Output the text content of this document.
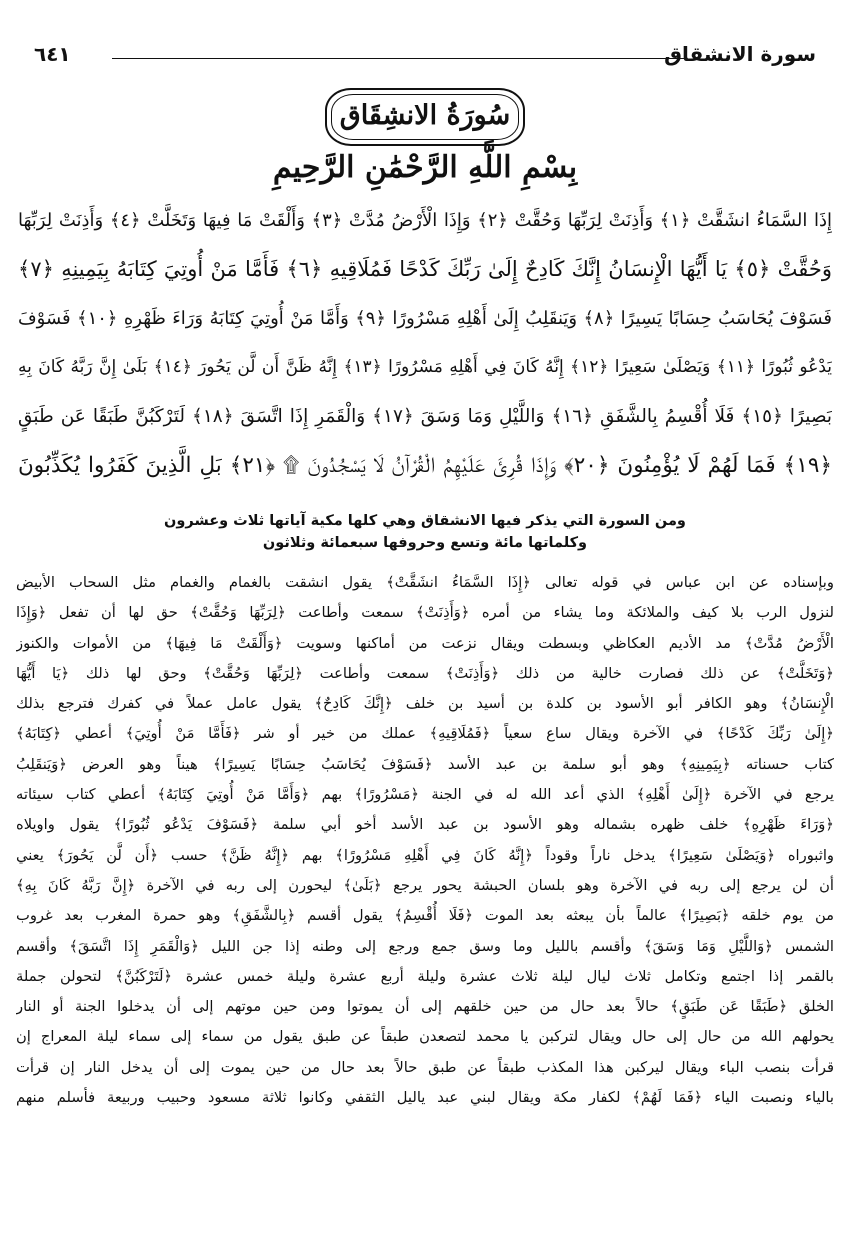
سورة الانشقاق
٦٤١
سُورَةُ الانشِقَاق
بِسْمِ اللَّهِ الرَّحْمَٰنِ الرَّحِيمِ
إِذَا السَّمَاءُ انشَقَّتْ ﴿١﴾ وَأَذِنَتْ لِرَبِّهَا وَحُقَّتْ ﴿٢﴾ وَإِذَا الْأَرْضُ مُدَّتْ ﴿٣﴾ وَأَلْقَتْ مَا فِيهَا وَتَخَلَّتْ ﴿٤﴾ وَأَذِنَتْ لِرَبِّهَا
وَحُقَّتْ ﴿٥﴾ يَا أَيُّهَا الْإِنسَانُ إِنَّكَ كَادِحٌ إِلَىٰ رَبِّكَ كَدْحًا فَمُلَاقِيهِ ﴿٦﴾ فَأَمَّا مَنْ أُوتِيَ كِتَابَهُ بِيَمِينِهِ ﴿٧﴾
فَسَوْفَ يُحَاسَبُ حِسَابًا يَسِيرًا ﴿٨﴾ وَيَنقَلِبُ إِلَىٰ أَهْلِهِ مَسْرُورًا ﴿٩﴾ وَأَمَّا مَنْ أُوتِيَ كِتَابَهُ وَرَاءَ ظَهْرِهِ ﴿١٠﴾ فَسَوْفَ
يَدْعُو ثُبُورًا ﴿١١﴾ وَيَصْلَىٰ سَعِيرًا ﴿١٢﴾ إِنَّهُ كَانَ فِي أَهْلِهِ مَسْرُورًا ﴿١٣﴾ إِنَّهُ ظَنَّ أَن لَّن يَحُورَ ﴿١٤﴾ بَلَىٰ إِنَّ رَبَّهُ كَانَ بِهِ
بَصِيرًا ﴿١٥﴾ فَلَا أُقْسِمُ بِالشَّفَقِ ﴿١٦﴾ وَاللَّيْلِ وَمَا وَسَقَ ﴿١٧﴾ وَالْقَمَرِ إِذَا اتَّسَقَ ﴿١٨﴾ لَتَرْكَبُنَّ طَبَقًا عَن طَبَقٍ
﴿١٩﴾ فَمَا لَهُمْ لَا يُؤْمِنُونَ ﴿٢٠﴾ وَإِذَا قُرِئَ عَلَيْهِمُ الْقُرْآنُ لَا يَسْجُدُونَ ۩ ﴿٢١﴾ بَلِ الَّذِينَ كَفَرُوا يُكَذِّبُونَ
ومن السورة التي يذكر فيها الانشقاق وهي كلها مكية آياتها ثلاث وعشرون
وكلماتها مائة وتسع وحروفها سبعمائة وثلاثون
وبإسناده عن ابن عباس في قوله تعالى ﴿إِذَا السَّمَاءُ انشَقَّتْ﴾ يقول انشقت بالغمام والغمام مثل السحاب الأبيض
لنزول الرب بلا كيف والملائكة وما يشاء من أمره ﴿وَأَذِنَتْ﴾ سمعت وأطاعت ﴿لِرَبِّهَا وَحُقَّتْ﴾ حق لها أن تفعل ﴿وَإِذَا
الْأَرْضُ مُدَّتْ﴾ مد الأديم العكاظي وبسطت ويقال نزعت من أماكنها وسويت ﴿وَأَلْقَتْ مَا فِيهَا﴾ من الأموات والكنوز
﴿وَتَخَلَّتْ﴾ عن ذلك فصارت خالية من ذلك ﴿وَأَذِنَتْ﴾ سمعت وأطاعت ﴿لِرَبِّهَا وَحُقَّتْ﴾ وحق لها ذلك ﴿يَا أَيُّهَا
الْإِنسَانُ﴾ وهو الكافر أبو الأسود بن كلدة بن أسيد بن خلف ﴿إِنَّكَ كَادِحٌ﴾ يقول عامل عملاً في كفرك فترجع بذلك
﴿إِلَىٰ رَبِّكَ كَدْحًا﴾ في الآخرة ويقال ساع سعياً ﴿فَمُلَاقِيهِ﴾ عملك من خير أو شر ﴿فَأَمَّا مَنْ أُوتِيَ﴾ أعطي ﴿كِتَابَهُ﴾
كتاب حسناته ﴿بِيَمِينِهِ﴾ وهو أبو سلمة بن عبد الأسد ﴿فَسَوْفَ يُحَاسَبُ حِسَابًا يَسِيرًا﴾ هيناً وهو العرض ﴿وَيَنقَلِبُ
يرجع في الآخرة ﴿إِلَىٰ أَهْلِهِ﴾ الذي أعد الله له في الجنة ﴿مَسْرُورًا﴾ بهم ﴿وَأَمَّا مَنْ أُوتِيَ كِتَابَهُ﴾ أعطي كتاب سيئاته
﴿وَرَاءَ ظَهْرِهِ﴾ خلف ظهره بشماله وهو الأسود بن عبد الأسد أخو أبي سلمة ﴿فَسَوْفَ يَدْعُو ثُبُورًا﴾ يقول واويلاه
واثبوراه ﴿وَيَصْلَىٰ سَعِيرًا﴾ يدخل ناراً وقوداً ﴿إِنَّهُ كَانَ فِي أَهْلِهِ مَسْرُورًا﴾ بهم ﴿إِنَّهُ ظَنَّ﴾ حسب ﴿أَن لَّن يَحُورَ﴾ يعني
أن لن يرجع إلى ربه في الآخرة وهو بلسان الحبشة يحور يرجع ﴿بَلَىٰ﴾ ليحورن إلى ربه في الآخرة ﴿إِنَّ رَبَّهُ كَانَ بِهِ﴾
من يوم خلقه ﴿بَصِيرًا﴾ عالماً بأن يبعثه بعد الموت ﴿فَلَا أُقْسِمُ﴾ يقول أقسم ﴿بِالشَّفَقِ﴾ وهو حمرة المغرب بعد غروب
الشمس ﴿وَاللَّيْلِ وَمَا وَسَقَ﴾ وأقسم بالليل وما وسق جمع ورجع إلى وطنه إذا جن الليل ﴿وَالْقَمَرِ إِذَا اتَّسَقَ﴾ وأقسم
بالقمر إذا اجتمع وتكامل ثلاث ليال ليلة ثلاث عشرة وليلة أربع عشرة وليلة خمس عشرة ﴿لَتَرْكَبُنَّ﴾ لتحولن جملة
الخلق ﴿طَبَقًا عَن طَبَقٍ﴾ حالاً بعد حال من حين خلقهم إلى أن يموتوا ومن حين موتهم إلى أن يدخلوا الجنة أو النار
يحولهم الله من حال إلى حال ويقال لتركبن يا محمد لتصعدن طبقاً عن طبق يقول من سماء إلى سماء ليلة المعراج إن
قرأت بنصب الباء ويقال ليركبن هذا المكذب طبقاً عن طبق حالاً بعد حال من حين يموت إلى أن يدخل النار إن قرأت
بالياء ونصبت الياء ﴿فَمَا لَهُمْ﴾ لكفار مكة ويقال لبني عبد ياليل الثقفي وكانوا ثلاثة مسعود وحبيب وربيعة فأسلم منهم
